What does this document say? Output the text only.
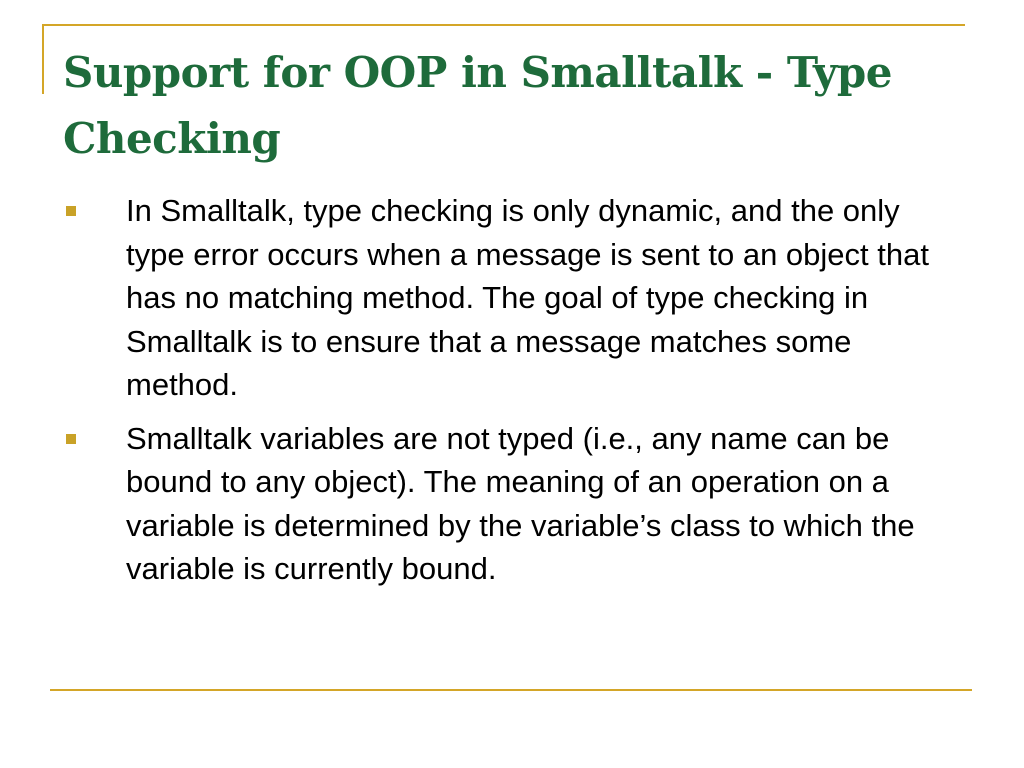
Support for OOP in Smalltalk - Type Checking
In Smalltalk, type checking is only dynamic, and the only type error occurs when a message is sent to an object that has no matching method. The goal of type checking in Smalltalk is to ensure that a message matches some method.
Smalltalk variables are not typed (i.e., any name can be bound to any object). The meaning of an operation on a variable is determined by the variable’s class to which the variable is currently bound.
